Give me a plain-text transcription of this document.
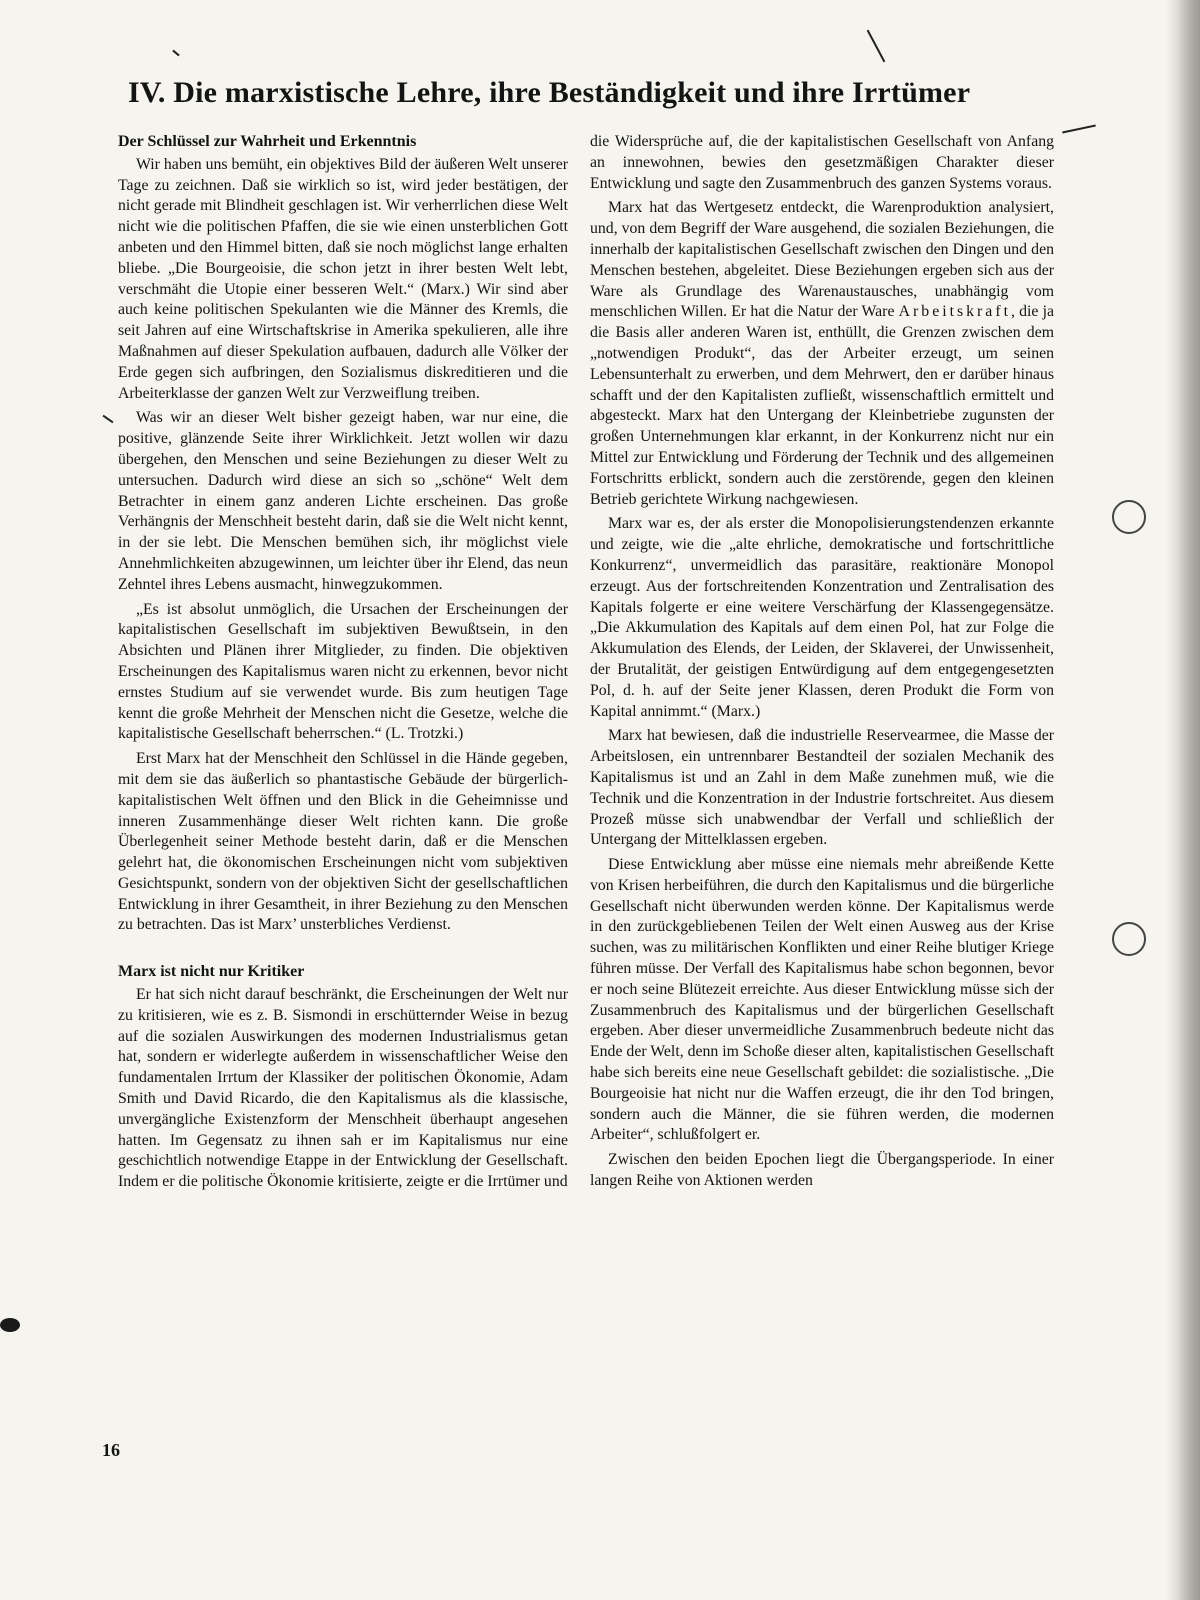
IV. Die marxistische Lehre, ihre Beständigkeit und ihre Irrtümer
Der Schlüssel zur Wahrheit und Erkenntnis

Wir haben uns bemüht, ein objektives Bild der äußeren Welt unserer Tage zu zeichnen. Daß sie wirklich so ist, wird jeder bestätigen, der nicht gerade mit Blindheit geschlagen ist. Wir verherrlichen diese Welt nicht wie die politischen Pfaffen, die sie wie einen unsterblichen Gott anbeten und den Himmel bitten, daß sie noch möglichst lange erhalten bliebe. „Die Bourgeoisie, die schon jetzt in ihrer besten Welt lebt, verschmäht die Utopie einer besseren Welt.“ (Marx.) Wir sind aber auch keine politischen Spekulanten wie die Männer des Kremls, die seit Jahren auf eine Wirtschaftskrise in Amerika spekulieren, alle ihre Maßnahmen auf dieser Spekulation aufbauen, dadurch alle Völker der Erde gegen sich aufbringen, den Sozialismus diskreditieren und die Arbeiterklasse der ganzen Welt zur Verzweiflung treiben.

Was wir an dieser Welt bisher gezeigt haben, war nur eine, die positive, glänzende Seite ihrer Wirklichkeit. Jetzt wollen wir dazu übergehen, den Menschen und seine Beziehungen zu dieser Welt zu untersuchen. Dadurch wird diese an sich so „schöne“ Welt dem Betrachter in einem ganz anderen Lichte erscheinen. Das große Verhängnis der Menschheit besteht darin, daß sie die Welt nicht kennt, in der sie lebt. Die Menschen bemühen sich, ihr möglichst viele Annehmlichkeiten abzugewinnen, um leichter über ihr Elend, das neun Zehntel ihres Lebens ausmacht, hinwegzukommen.

„Es ist absolut unmöglich, die Ursachen der Erscheinungen der kapitalistischen Gesellschaft im subjektiven Bewußtsein, in den Absichten und Plänen ihrer Mitglieder, zu finden. Die objektiven Erscheinungen des Kapitalismus waren nicht zu erkennen, bevor nicht ernstes Studium auf sie verwendet wurde. Bis zum heutigen Tage kennt die große Mehrheit der Menschen nicht die Gesetze, welche die kapitalistische Gesellschaft beherrschen.“ (L. Trotzki.)

Erst Marx hat der Menschheit den Schlüssel in die Hände gegeben, mit dem sie das äußerlich so phantastische Gebäude der bürgerlich-kapitalistischen Welt öffnen und den Blick in die Geheimnisse und inneren Zusammenhänge dieser Welt richten kann. Die große Überlegenheit seiner Methode besteht darin, daß er die Menschen gelehrt hat, die ökonomischen Erscheinungen nicht vom subjektiven Gesichtspunkt, sondern von der objektiven Sicht der gesellschaftlichen Entwicklung in ihrer Gesamtheit, in ihrer Beziehung zu den Menschen zu betrachten. Das ist Marx’ unsterbliches Verdienst.

Marx ist nicht nur Kritiker

Er hat sich nicht darauf beschränkt, die Erscheinungen der Welt nur zu kritisieren, wie es z. B. Sismondi in erschütternder Weise in bezug auf die sozialen Auswirkungen des modernen Industrialismus getan hat, sondern er widerlegte außerdem in wissenschaftlicher Weise den fundamentalen Irrtum der Klassiker der politischen Ökonomie, Adam Smith und David Ricardo, die den Kapitalismus als die klassische, unvergängliche Existenzform der Menschheit überhaupt angesehen hatten. Im Gegensatz zu ihnen sah er im Kapitalismus nur eine geschichtlich notwendige Etappe in der Entwicklung der Gesellschaft. Indem er die politische Ökonomie kritisierte, zeigte er die Irrtümer und

die Widersprüche auf, die der kapitalistischen Gesellschaft von Anfang an innewohnen, bewies den gesetzmäßigen Charakter dieser Entwicklung und sagte den Zusammenbruch des ganzen Systems voraus.

Marx hat das Wertgesetz entdeckt, die Warenproduktion analysiert, und, von dem Begriff der Ware ausgehend, die sozialen Beziehungen, die innerhalb der kapitalistischen Gesellschaft zwischen den Dingen und den Menschen bestehen, abgeleitet. Diese Beziehungen ergeben sich aus der Ware als Grundlage des Warenaustausches, unabhängig vom menschlichen Willen. Er hat die Natur der Ware Arbeitskraft, die ja die Basis aller anderen Waren ist, enthüllt, die Grenzen zwischen dem „notwendigen Produkt“, das der Arbeiter erzeugt, um seinen Lebensunterhalt zu erwerben, und dem Mehrwert, den er darüber hinaus schafft und der den Kapitalisten zufließt, wissenschaftlich ermittelt und abgesteckt. Marx hat den Untergang der Kleinbetriebe zugunsten der großen Unternehmungen klar erkannt, in der Konkurrenz nicht nur ein Mittel zur Entwicklung und Förderung der Technik und des allgemeinen Fortschritts erblickt, sondern auch die zerstörende, gegen den kleinen Betrieb gerichtete Wirkung nachgewiesen.

Marx war es, der als erster die Monopolisierungstendenzen erkannte und zeigte, wie die „alte ehrliche, demokratische und fortschrittliche Konkurrenz“, unvermeidlich das parasitäre, reaktionäre Monopol erzeugt. Aus der fortschreitenden Konzentration und Zentralisation des Kapitals folgerte er eine weitere Verschärfung der Klassengegensätze. „Die Akkumulation des Kapitals auf dem einen Pol, hat zur Folge die Akkumulation des Elends, der Leiden, der Sklaverei, der Unwissenheit, der Brutalität, der geistigen Entwürdigung auf dem entgegengesetzten Pol, d. h. auf der Seite jener Klassen, deren Produkt die Form von Kapital annimmt.“ (Marx.)

Marx hat bewiesen, daß die industrielle Reservearmee, die Masse der Arbeitslosen, ein untrennbarer Bestandteil der sozialen Mechanik des Kapitalismus ist und an Zahl in dem Maße zunehmen muß, wie die Technik und die Konzentration in der Industrie fortschreitet. Aus diesem Prozeß müsse sich unabwendbar der Verfall und schließlich der Untergang der Mittelklassen ergeben.

Diese Entwicklung aber müsse eine niemals mehr abreißende Kette von Krisen herbeiführen, die durch den Kapitalismus und die bürgerliche Gesellschaft nicht überwunden werden könne. Der Kapitalismus werde in den zurückgebliebenen Teilen der Welt einen Ausweg aus der Krise suchen, was zu militärischen Konflikten und einer Reihe blutiger Kriege führen müsse. Der Verfall des Kapitalismus habe schon begonnen, bevor er noch seine Blütezeit erreichte. Aus dieser Entwicklung müsse sich der Zusammenbruch des Kapitalismus und der bürgerlichen Gesellschaft ergeben. Aber dieser unvermeidliche Zusammenbruch bedeute nicht das Ende der Welt, denn im Schoße dieser alten, kapitalistischen Gesellschaft habe sich bereits eine neue Gesellschaft gebildet: die sozialistische. „Die Bourgeoisie hat nicht nur die Waffen erzeugt, die ihr den Tod bringen, sondern auch die Männer, die sie führen werden, die modernen Arbeiter“, schlußfolgert er.

Zwischen den beiden Epochen liegt die Übergangsperiode. In einer langen Reihe von Aktionen werden

16
